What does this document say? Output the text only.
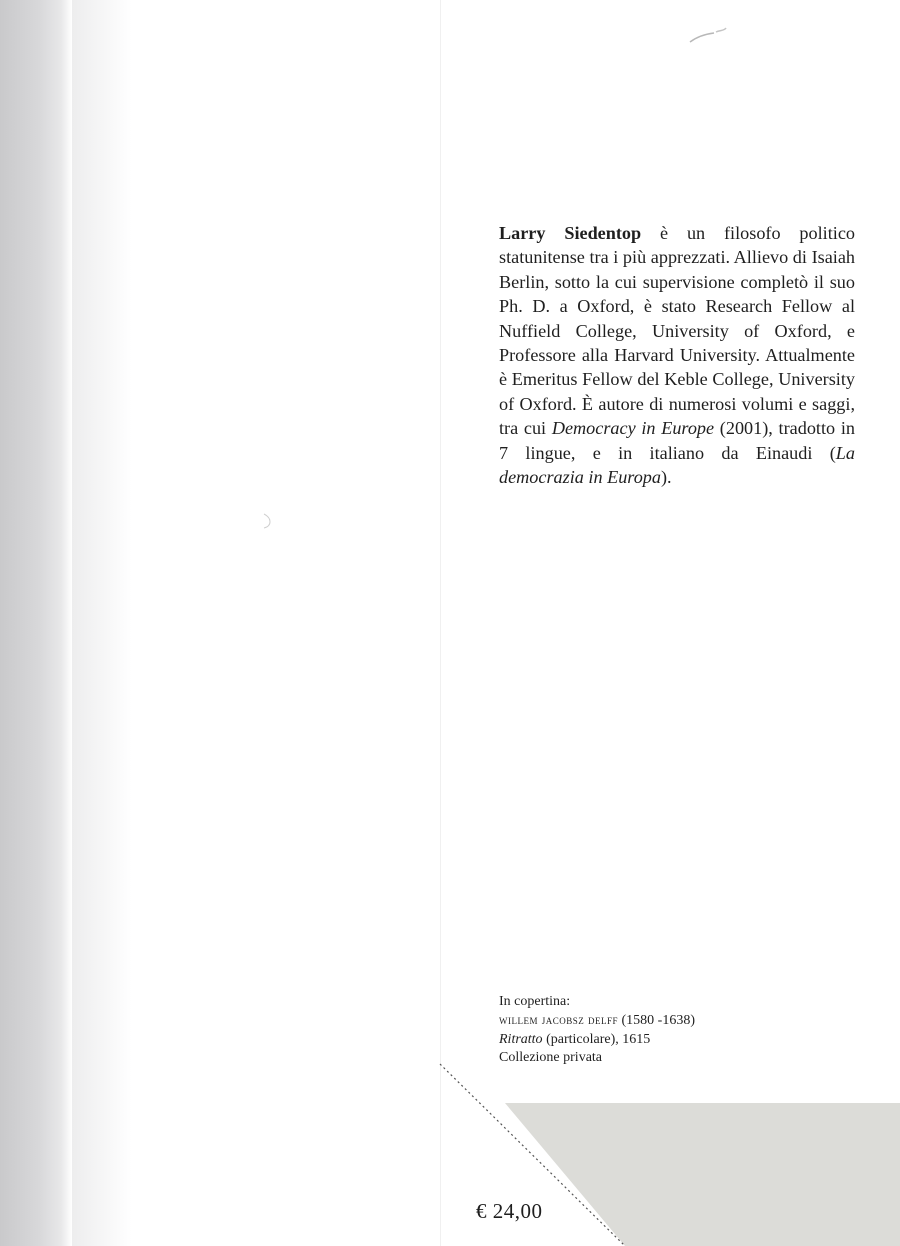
Larry Siedentop è un filosofo politico statunitense tra i più apprezzati. Allievo di Isaiah Berlin, sotto la cui supervisione completò il suo Ph. D. a Oxford, è stato Research Fellow al Nuffield College, University of Oxford, e Professore alla Harvard University. Attualmente è Emeritus Fellow del Keble College, University of Oxford. È autore di numerosi volumi e saggi, tra cui Democracy in Europe (2001), tradotto in 7 lingue, e in italiano da Einaudi (La democrazia in Europa).
In copertina:
willem jacobsz delff (1580 -1638)
Ritratto (particolare), 1615
Collezione privata
€ 24,00
